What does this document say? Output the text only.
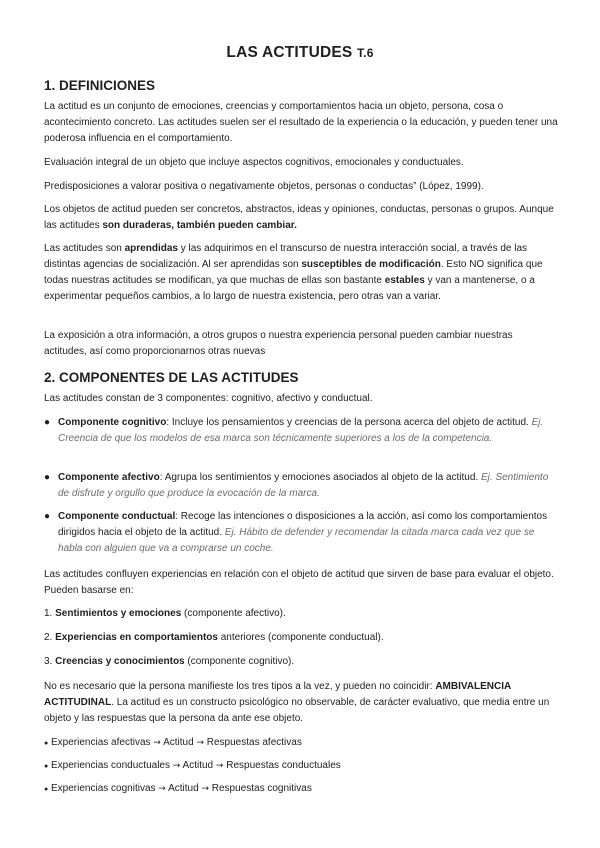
LAS ACTITUDES T.6
1. DEFINICIONES
La actitud es un conjunto de emociones, creencias y comportamientos hacia un objeto, persona, cosa o acontecimiento concreto. Las actitudes suelen ser el resultado de la experiencia o la educación, y pueden tener una poderosa influencia en el comportamiento.
Evaluación integral de un objeto que incluye aspectos cognitivos, emocionales y conductuales.
Predisposiciones a valorar positiva o negativamente objetos, personas o conductas” (López, 1999).
Los objetos de actitud pueden ser concretos, abstractos, ideas y opiniones, conductas, personas o grupos. Aunque las actitudes son duraderas, también pueden cambiar.
Las actitudes son aprendidas y las adquirimos en el transcurso de nuestra interacción social, a través de las distintas agencias de socialización. Al ser aprendidas son susceptibles de modificación. Esto NO significa que todas nuestras actitudes se modifican, ya que muchas de ellas son bastante estables y van a mantenerse, o a experimentar pequeños cambios, a lo largo de nuestra existencia, pero otras van a variar.
La exposición a otra información, a otros grupos o nuestra experiencia personal pueden cambiar nuestras actitudes, así como proporcionarnos otras nuevas
2. COMPONENTES DE LAS ACTITUDES
Las actitudes constan de 3 componentes: cognitivo, afectivo y conductual.
● Componente cognitivo: Incluye los pensamientos y creencias de la persona acerca del objeto de actitud. Ej. Creencia de que los modelos de esa marca son técnicamente superiores a los de la competencia.
● Componente afectivo: Agrupa los sentimientos y emociones asociados al objeto de la actitud. Ej. Sentimiento de disfrute y orgullo que produce la evocación de la marca.
● Componente conductual: Recoge las intenciones o disposiciones a la acción, así como los comportamientos dirigidos hacia el objeto de la actitud. Ej. Hábito de defender y recomendar la citada marca cada vez que se habla con alguien que va a comprarse un coche.
Las actitudes confluyen experiencias en relación con el objeto de actitud que sirven de base para evaluar el objeto. Pueden basarse en:
1. Sentimientos y emociones (componente afectivo).
2. Experiencias en comportamientos anteriores (componente conductual).
3. Creencias y conocimientos (componente cognitivo).
No es necesario que la persona manifieste los tres tipos a la vez, y pueden no coincidir: AMBIVALENCIA ACTITUDINAL. La actitud es un constructo psicológico no observable, de carácter evaluativo, que media entre un objeto y las respuestas que la persona da ante ese objeto.
● Experiencias afectivas → Actitud → Respuestas afectivas
● Experiencias conductuales → Actitud → Respuestas conductuales
● Experiencias cognitivas → Actitud → Respuestas cognitivas
